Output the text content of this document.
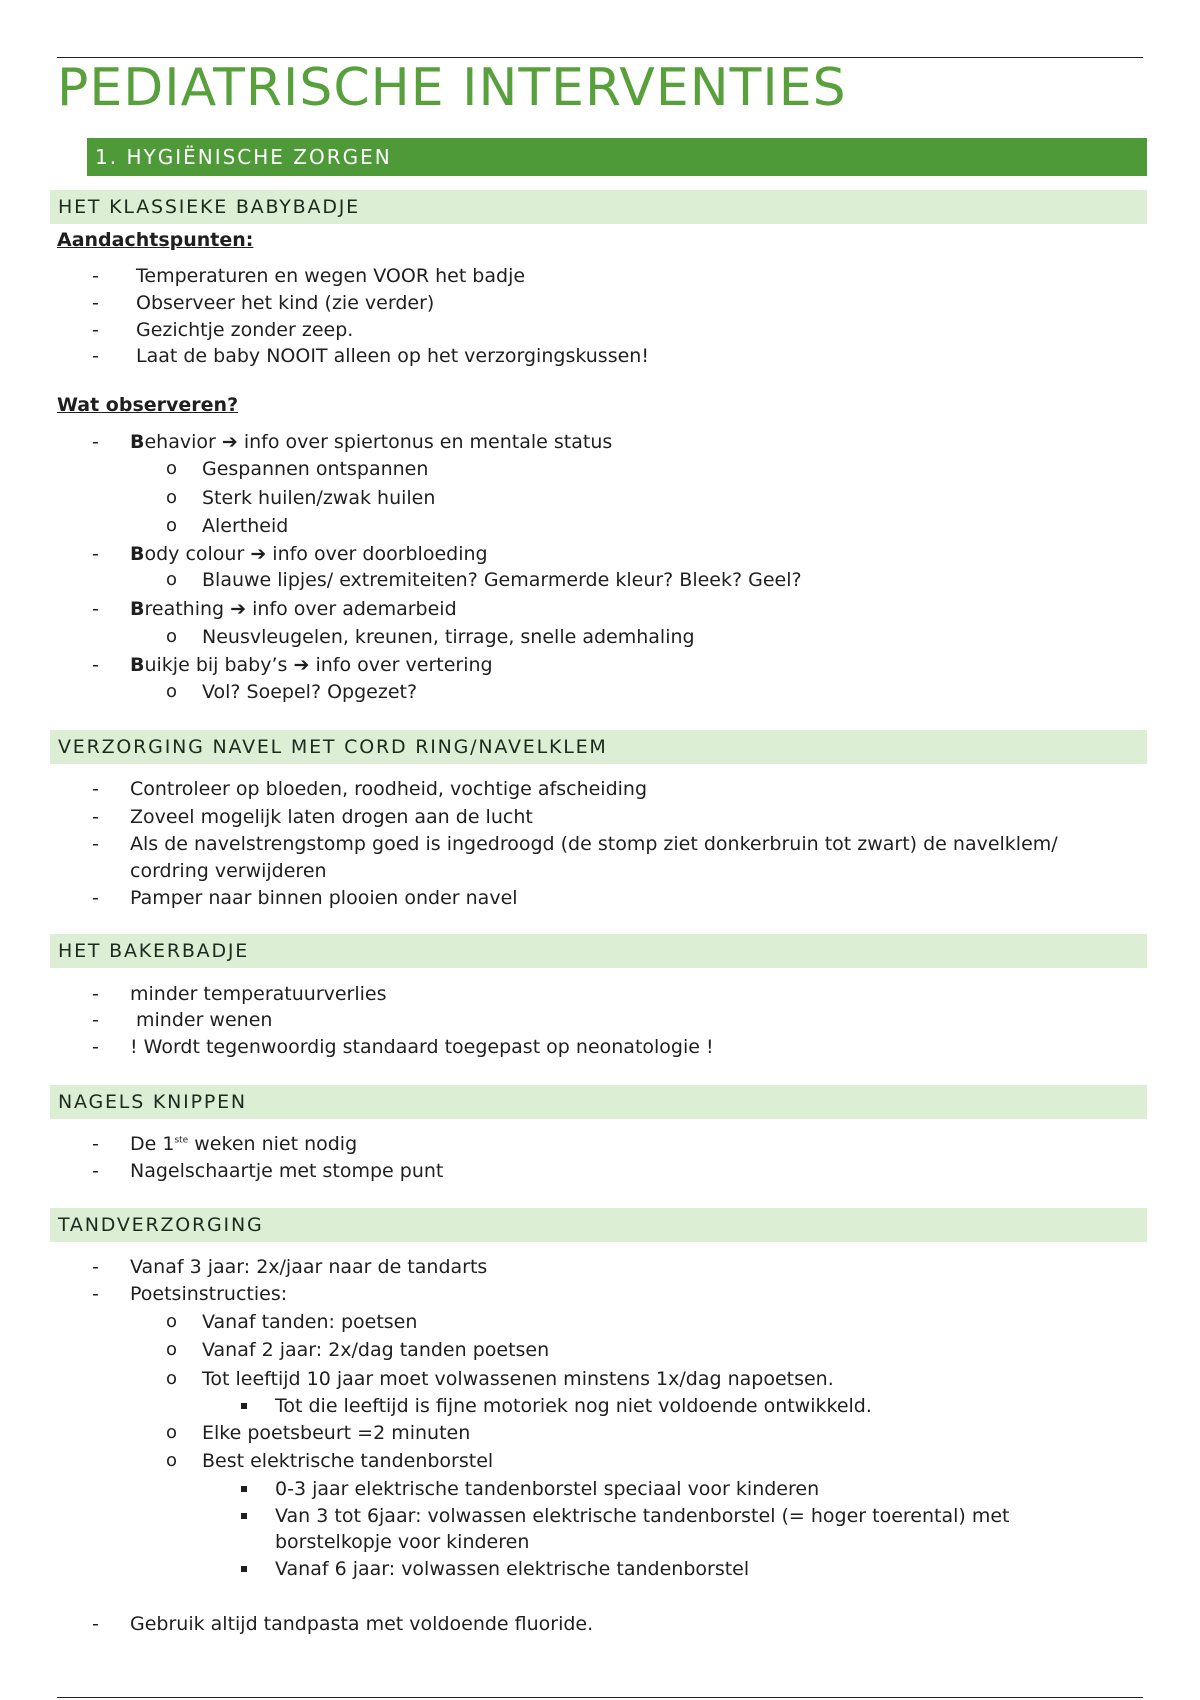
PEDIATRISCHE INTERVENTIES
1. HYGIËNISCHE ZORGEN
HET KLASSIEKE BABYBADJE
Aandachtspunten:
- Temperaturen en wegen VOOR het badje
- Observeer het kind (zie verder)
- Gezichtje zonder zeep.
- Laat de baby NOOIT alleen op het verzorgingskussen!
Wat observeren?
- Behavior ➔ info over spiertonus en mentale status
o Gespannen ontspannen
o Sterk huilen/zwak huilen
o Alertheid
- Body colour ➔ info over doorbloeding
o Blauwe lipjes/ extremiteiten? Gemarmerde kleur? Bleek? Geel?
- Breathing ➔ info over ademarbeid
o Neusvleugelen, kreunen, tirrage, snelle ademhaling
- Buikje bij baby’s ➔ info over vertering
o Vol? Soepel? Opgezet?
VERZORGING NAVEL MET CORD RING/NAVELKLEM
- Controleer op bloeden, roodheid, vochtige afscheiding
- Zoveel mogelijk laten drogen aan de lucht
- Als de navelstrengstomp goed is ingedroogd (de stomp ziet donkerbruin tot zwart) de navelklem/
cordring verwijderen
- Pamper naar binnen plooien onder navel
HET BAKERBADJE
- minder temperatuurverlies
- minder wenen
- ! Wordt tegenwoordig standaard toegepast op neonatologie !
NAGELS KNIPPEN
- De 1ste weken niet nodig
- Nagelschaartje met stompe punt
TANDVERZORGING
- Vanaf 3 jaar: 2x/jaar naar de tandarts
- Poetsinstructies:
o Vanaf tanden: poetsen
o Vanaf 2 jaar: 2x/dag tanden poetsen
o Tot leeftijd 10 jaar moet volwassenen minstens 1x/dag napoetsen.
Tot die leeftijd is fijne motoriek nog niet voldoende ontwikkeld.
o Elke poetsbeurt =2 minuten
o Best elektrische tandenborstel
0-3 jaar elektrische tandenborstel speciaal voor kinderen
Van 3 tot 6jaar: volwassen elektrische tandenborstel (= hoger toerental) met
borstelkopje voor kinderen
Vanaf 6 jaar: volwassen elektrische tandenborstel
- Gebruik altijd tandpasta met voldoende fluoride.
